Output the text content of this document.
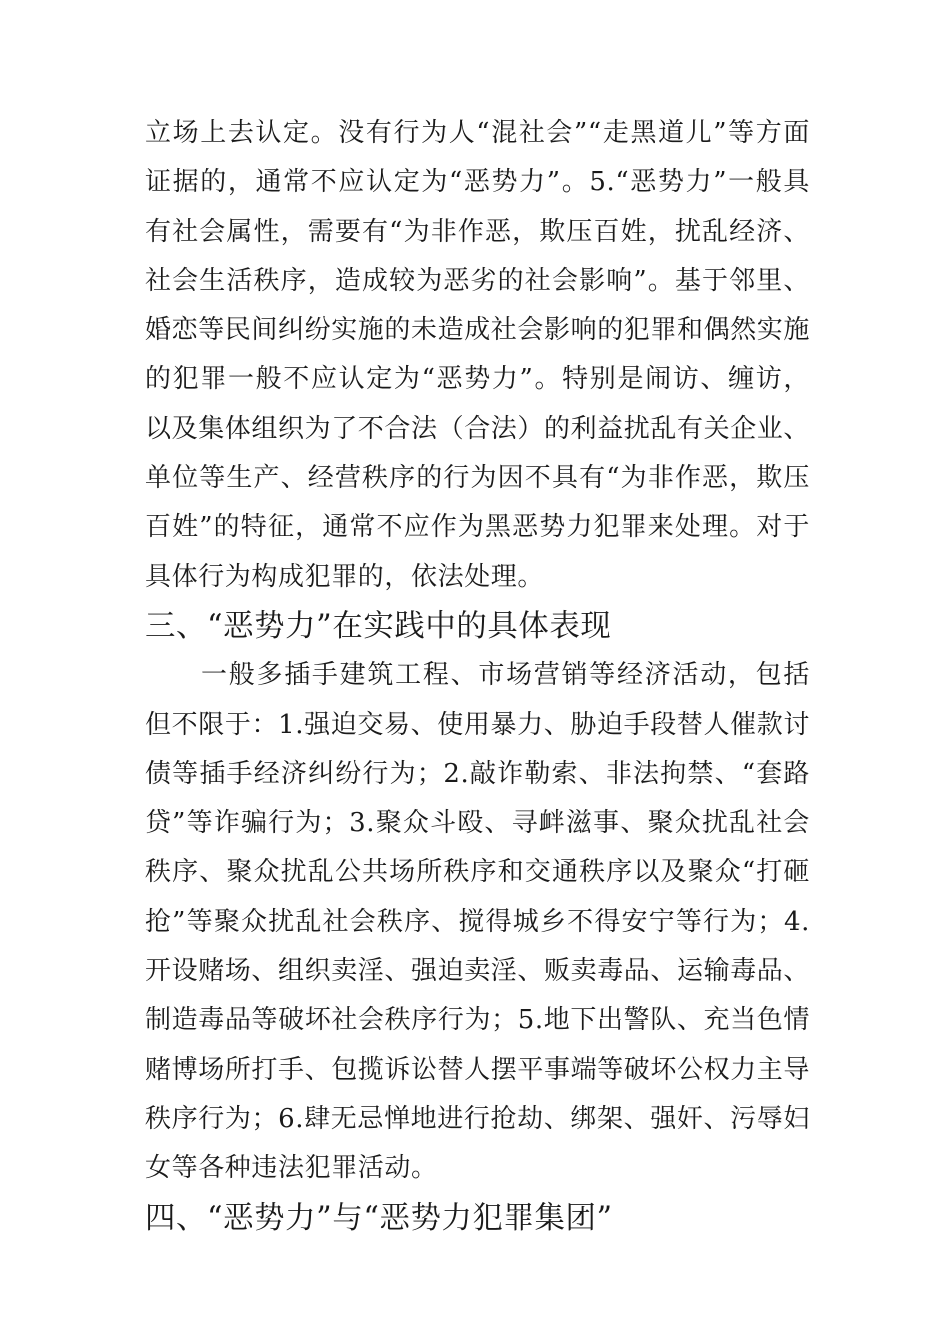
立场上去认定。没有行为人“混社会”“走黑道儿”等方面证据的，通常不应认定为“恶势力”。5.“恶势力”一般具有社会属性，需要有“为非作恶，欺压百姓，扰乱经济、社会生活秩序，造成较为恶劣的社会影响”。基于邻里、婚恋等民间纠纷实施的未造成社会影响的犯罪和偶然实施的犯罪一般不应认定为“恶势力”。特别是闹访、缠访，以及集体组织为了不合法（合法）的利益扰乱有关企业、单位等生产、经营秩序的行为因不具有“为非作恶，欺压百姓”的特征，通常不应作为黑恶势力犯罪来处理。对于具体行为构成犯罪的，依法处理。

三、“恶势力”在实践中的具体表现

一般多插手建筑工程、市场营销等经济活动，包括但不限于：1.强迫交易、使用暴力、胁迫手段替人催款讨债等插手经济纠纷行为；2.敲诈勒索、非法拘禁、“套路贷”等诈骗行为；3.聚众斗殴、寻衅滋事、聚众扰乱社会秩序、聚众扰乱公共场所秩序和交通秩序以及聚众“打砸抢”等聚众扰乱社会秩序、搅得城乡不得安宁等行为；4. 开设赌场、组织卖淫、强迫卖淫、贩卖毒品、运输毒品、制造毒品等破坏社会秩序行为；5.地下出警队、充当色情赌博场所打手、包揽诉讼替人摆平事端等破坏公权力主导秩序行为；6.肆无忌惮地进行抢劫、绑架、强奸、污辱妇女等各种违法犯罪活动。

四、“恶势力”与“恶势力犯罪集团”
